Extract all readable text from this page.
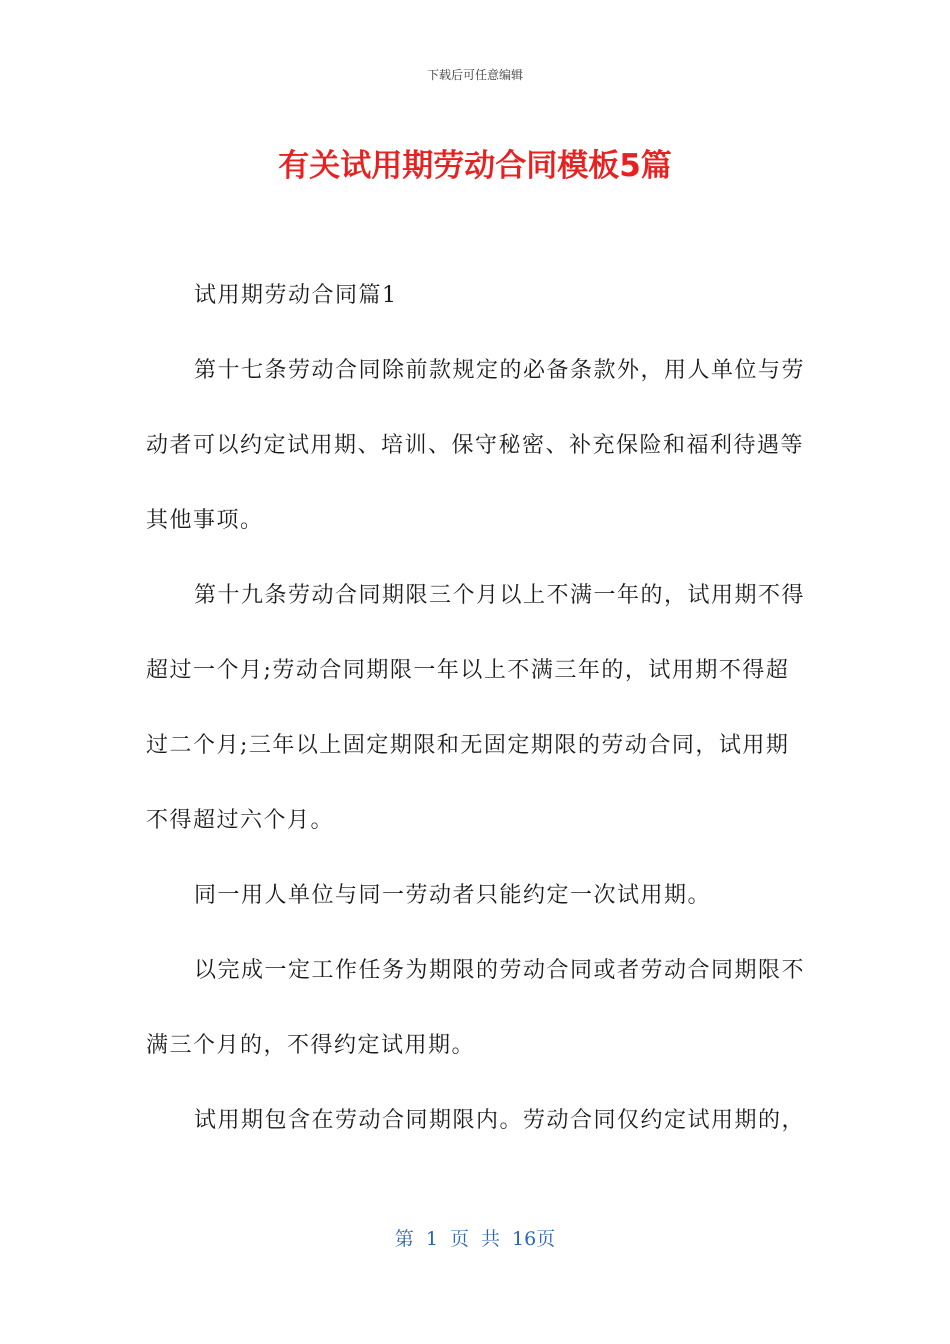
下载后可任意编辑
有关试用期劳动合同模板5篇

试用期劳动合同篇1

第十七条劳动合同除前款规定的必备条款外，用人单位与劳动者可以约定试用期、培训、保守秘密、补充保险和福利待遇等其他事项。

第十九条劳动合同期限三个月以上不满一年的，试用期不得超过一个月;劳动合同期限一年以上不满三年的，试用期不得超过二个月;三年以上固定期限和无固定期限的劳动合同，试用期不得超过六个月。

同一用人单位与同一劳动者只能约定一次试用期。

以完成一定工作任务为期限的劳动合同或者劳动合同期限不满三个月的，不得约定试用期。

试用期包含在劳动合同期限内。劳动合同仅约定试用期的，

第 1 页 共 16页
